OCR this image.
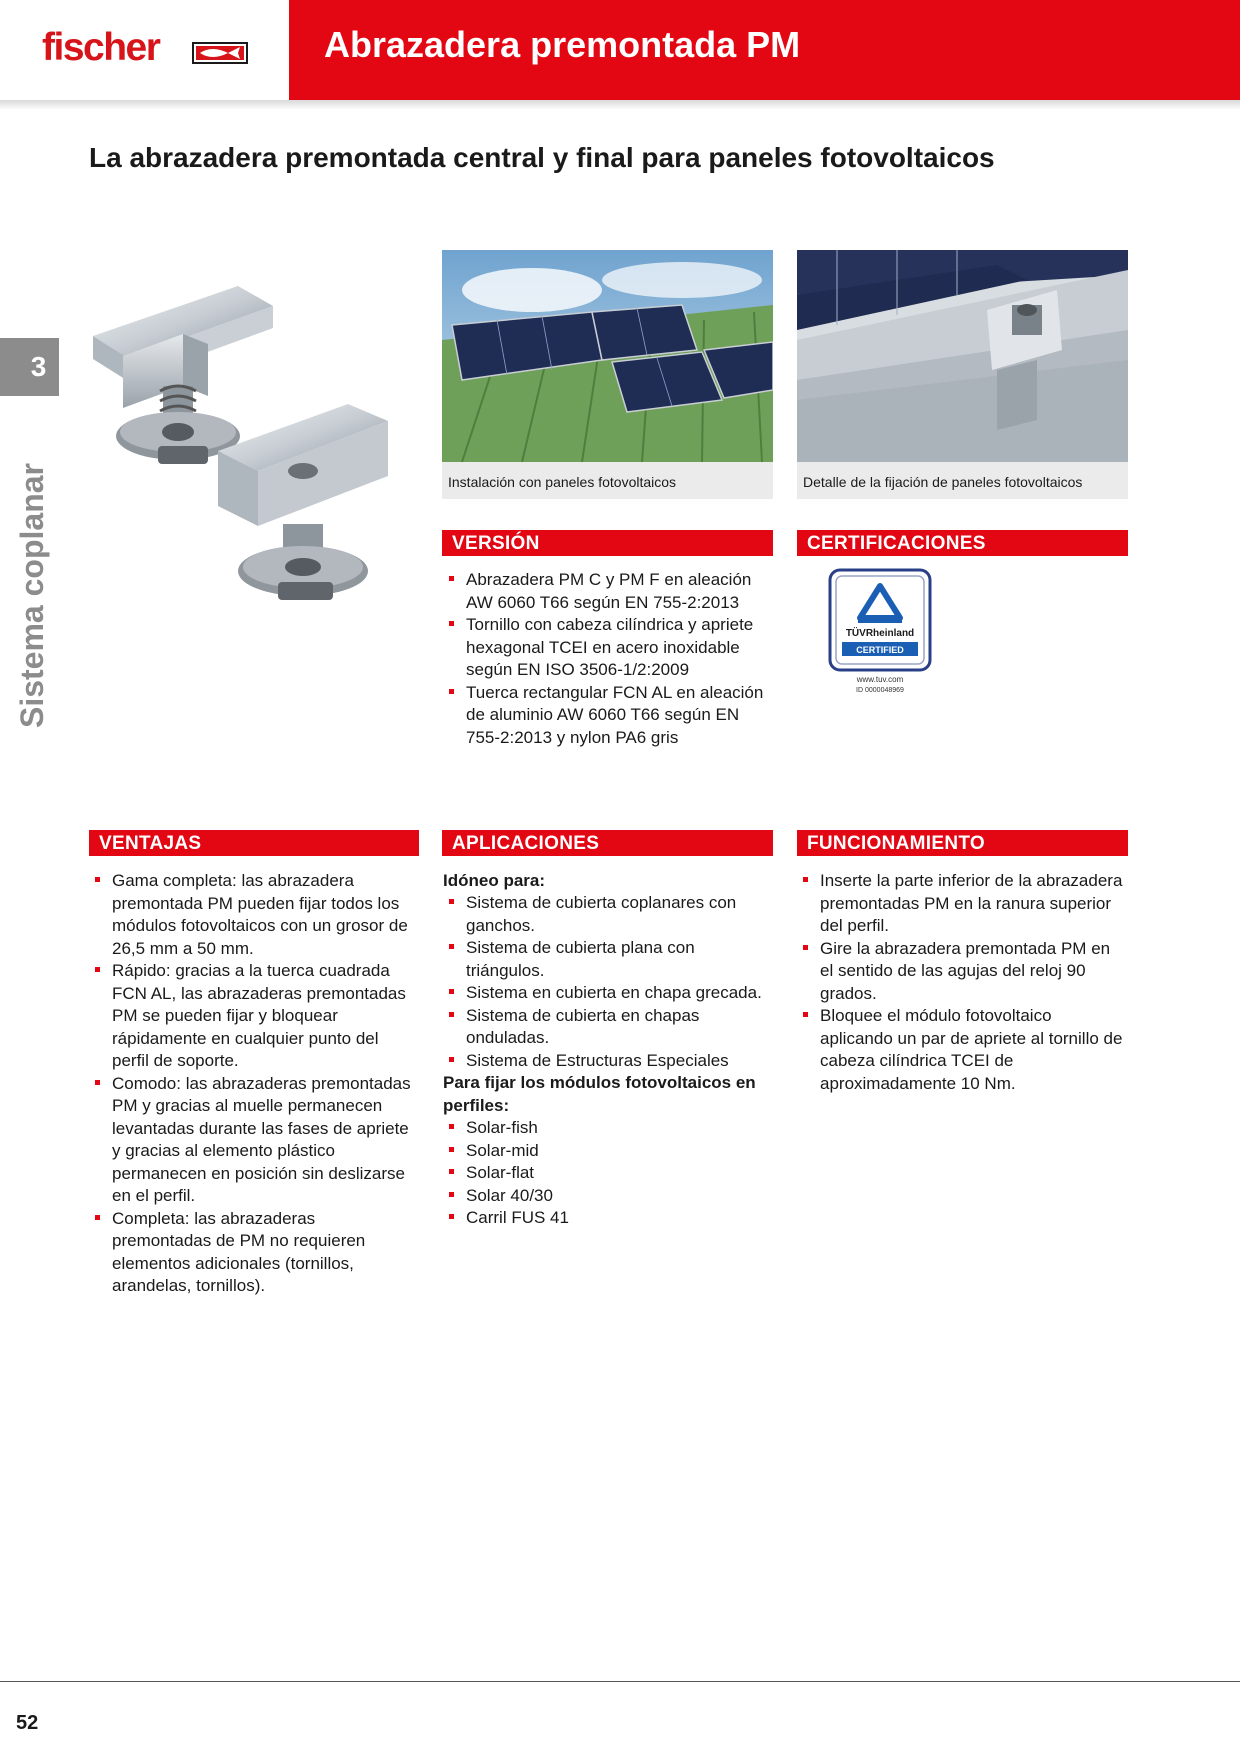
fischer	Abrazadera premontada PM
La abrazadera premontada central y final para paneles fotovoltaicos
3
Sistema coplanar	Instalación con paneles fotovoltaicos	Detalle de la fijación de paneles fotovoltaicos
VERSIÓN
Abrazadera PM C y PM F en aleación AW 6060 T66 según EN 755-2:2013
Tornillo con cabeza cilíndrica y apriete hexagonal TCEI en acero inoxidable según EN ISO 3506-1/2:2009
Tuerca rectangular FCN AL en aleación de aluminio AW 6060 T66 según EN 755-2:2013 y nylon PA6 gris
CERTIFICACIONES
TÜVRheinland
CERTIFIED
www.tuv.com
ID 0000048969
VENTAJAS
Gama completa: las abrazadera premontada PM pueden fijar todos los módulos fotovoltaicos con un grosor de 26,5 mm a 50 mm.
Rápido: gracias a la tuerca cuadrada FCN AL, las abrazaderas premontadas PM se pueden fijar y bloquear rápidamente en cualquier punto del perfil de soporte.
Comodo: las abrazaderas premontadas PM y gracias al muelle permanecen levantadas durante las fases de apriete y gracias al elemento plástico permanecen en posición sin deslizarse en el perfil.
Completa: las abrazaderas premontadas de PM no requieren elementos adicionales (tornillos, arandelas, tornillos).
APLICACIONES
Idóneo para:
Sistema de cubierta coplanares con ganchos.
Sistema de cubierta plana con triángulos.
Sistema en cubierta en chapa grecada.
Sistema de cubierta en chapas onduladas.
Sistema de Estructuras Especiales
Para fijar los módulos fotovoltaicos en perfiles:
Solar-fish
Solar-mid
Solar-flat
Solar 40/30
Carril FUS 41
FUNCIONAMIENTO
Inserte la parte inferior de la abrazadera premontadas PM en la ranura superior del perfil.
Gire la abrazadera premontada PM en el sentido de las agujas del reloj 90 grados.
Bloquee el módulo fotovoltaico aplicando un par de apriete al tornillo de cabeza cilíndrica TCEI de aproximadamente 10 Nm.
52
